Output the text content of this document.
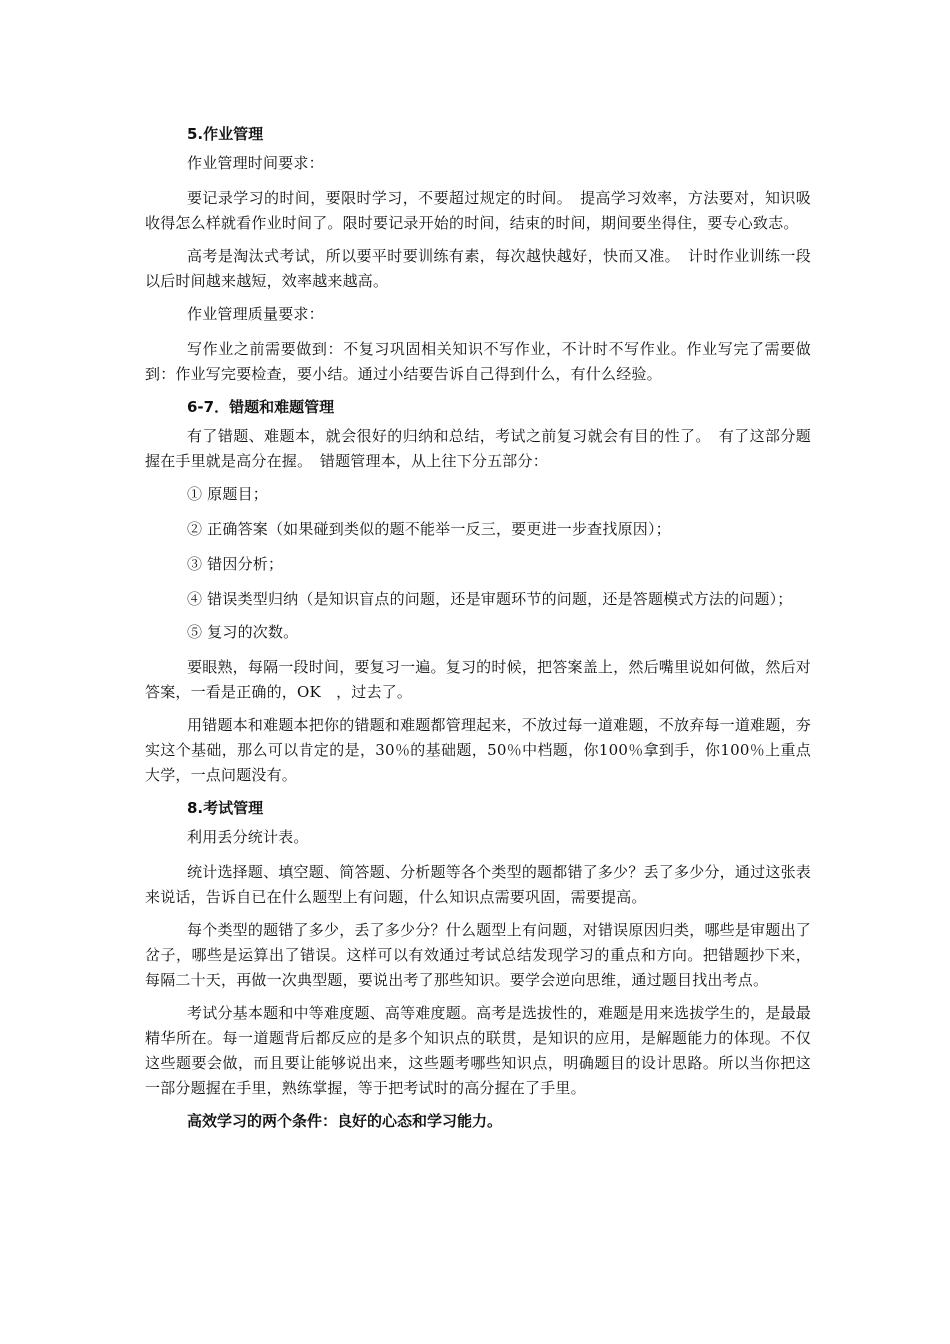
5.作业管理

作业管理时间要求：

要记录学习的时间，要限时学习，不要超过规定的时间。　提高学习效率，方法要对，知识吸收得怎么样就看作业时间了。限时要记录开始的时间，结束的时间，期间要坐得住，要专心致志。

高考是淘汰式考试，所以要平时要训练有素，每次越快越好，快而又准。　计时作业训练一段以后时间越来越短，效率越来越高。

作业管理质量要求：

写作业之前需要做到：不复习巩固相关知识不写作业，不计时不写作业。作业写完了需要做到：作业写完要检查，要小结。通过小结要告诉自己得到什么，有什么经验。

6-7．错题和难题管理

有了错题、难题本，就会很好的归纳和总结，考试之前复习就会有目的性了。　有了这部分题握在手里就是高分在握。　错题管理本，从上往下分五部分：

① 原题目；

② 正确答案（如果碰到类似的题不能举一反三，要更进一步查找原因）；

③ 错因分析；

④ 错误类型归纳（是知识盲点的问题，还是审题环节的问题，还是答题模式方法的问题）；

⑤ 复习的次数。

要眼熟，每隔一段时间，要复习一遍。复习的时候，把答案盖上，然后嘴里说如何做，然后对答案，一看是正确的，OK　，过去了。

用错题本和难题本把你的错题和难题都管理起来，不放过每一道难题，不放弃每一道难题，夯实这个基础，那么可以肯定的是，30％的基础题，50％中档题，你100％拿到手，你100％上重点大学，一点问题没有。

8.考试管理

利用丢分统计表。

统计选择题、填空题、简答题、分析题等各个类型的题都错了多少？丢了多少分，通过这张表来说话，告诉自已在什么题型上有问题，什么知识点需要巩固，需要提高。

每个类型的题错了多少，丢了多少分？什么题型上有问题，对错误原因归类，哪些是审题出了岔子，哪些是运算出了错误。这样可以有效通过考试总结发现学习的重点和方向。把错题抄下来，每隔二十天，再做一次典型题，要说出考了那些知识。要学会逆向思维，通过题目找出考点。

考试分基本题和中等难度题、高等难度题。高考是选拔性的，难题是用来选拔学生的，是最最精华所在。每一道题背后都反应的是多个知识点的联贯，是知识的应用，是解题能力的体现。不仅这些题要会做，而且要让能够说出来，这些题考哪些知识点，明确题目的设计思路。所以当你把这一部分题握在手里，熟练掌握，等于把考试时的高分握在了手里。

高效学习的两个条件：良好的心态和学习能力。
